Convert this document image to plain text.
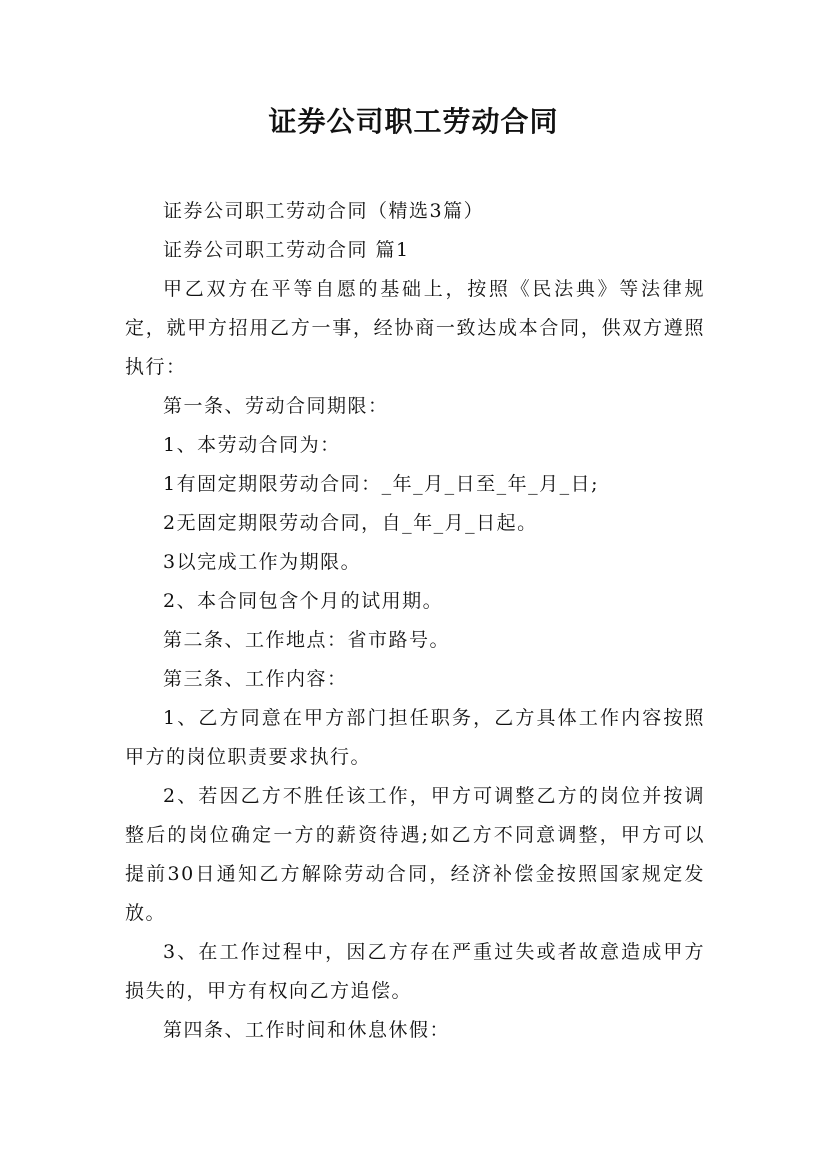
证券公司职工劳动合同

证券公司职工劳动合同（精选3篇）

证券公司职工劳动合同 篇1

甲乙双方在平等自愿的基础上，按照《民法典》等法律规定，就甲方招用乙方一事，经协商一致达成本合同，供双方遵照执行：

第一条、劳动合同期限：

1、本劳动合同为：

1有固定期限劳动合同：_年_月_日至_年_月_日;

2无固定期限劳动合同，自_年_月_日起。

3以完成工作为期限。

2、本合同包含个月的试用期。

第二条、工作地点：省市路号。

第三条、工作内容：

1、乙方同意在甲方部门担任职务，乙方具体工作内容按照甲方的岗位职责要求执行。

2、若因乙方不胜任该工作，甲方可调整乙方的岗位并按调整后的岗位确定一方的薪资待遇;如乙方不同意调整，甲方可以提前30日通知乙方解除劳动合同，经济补偿金按照国家规定发放。

3、在工作过程中，因乙方存在严重过失或者故意造成甲方损失的，甲方有权向乙方追偿。

第四条、工作时间和休息休假：
